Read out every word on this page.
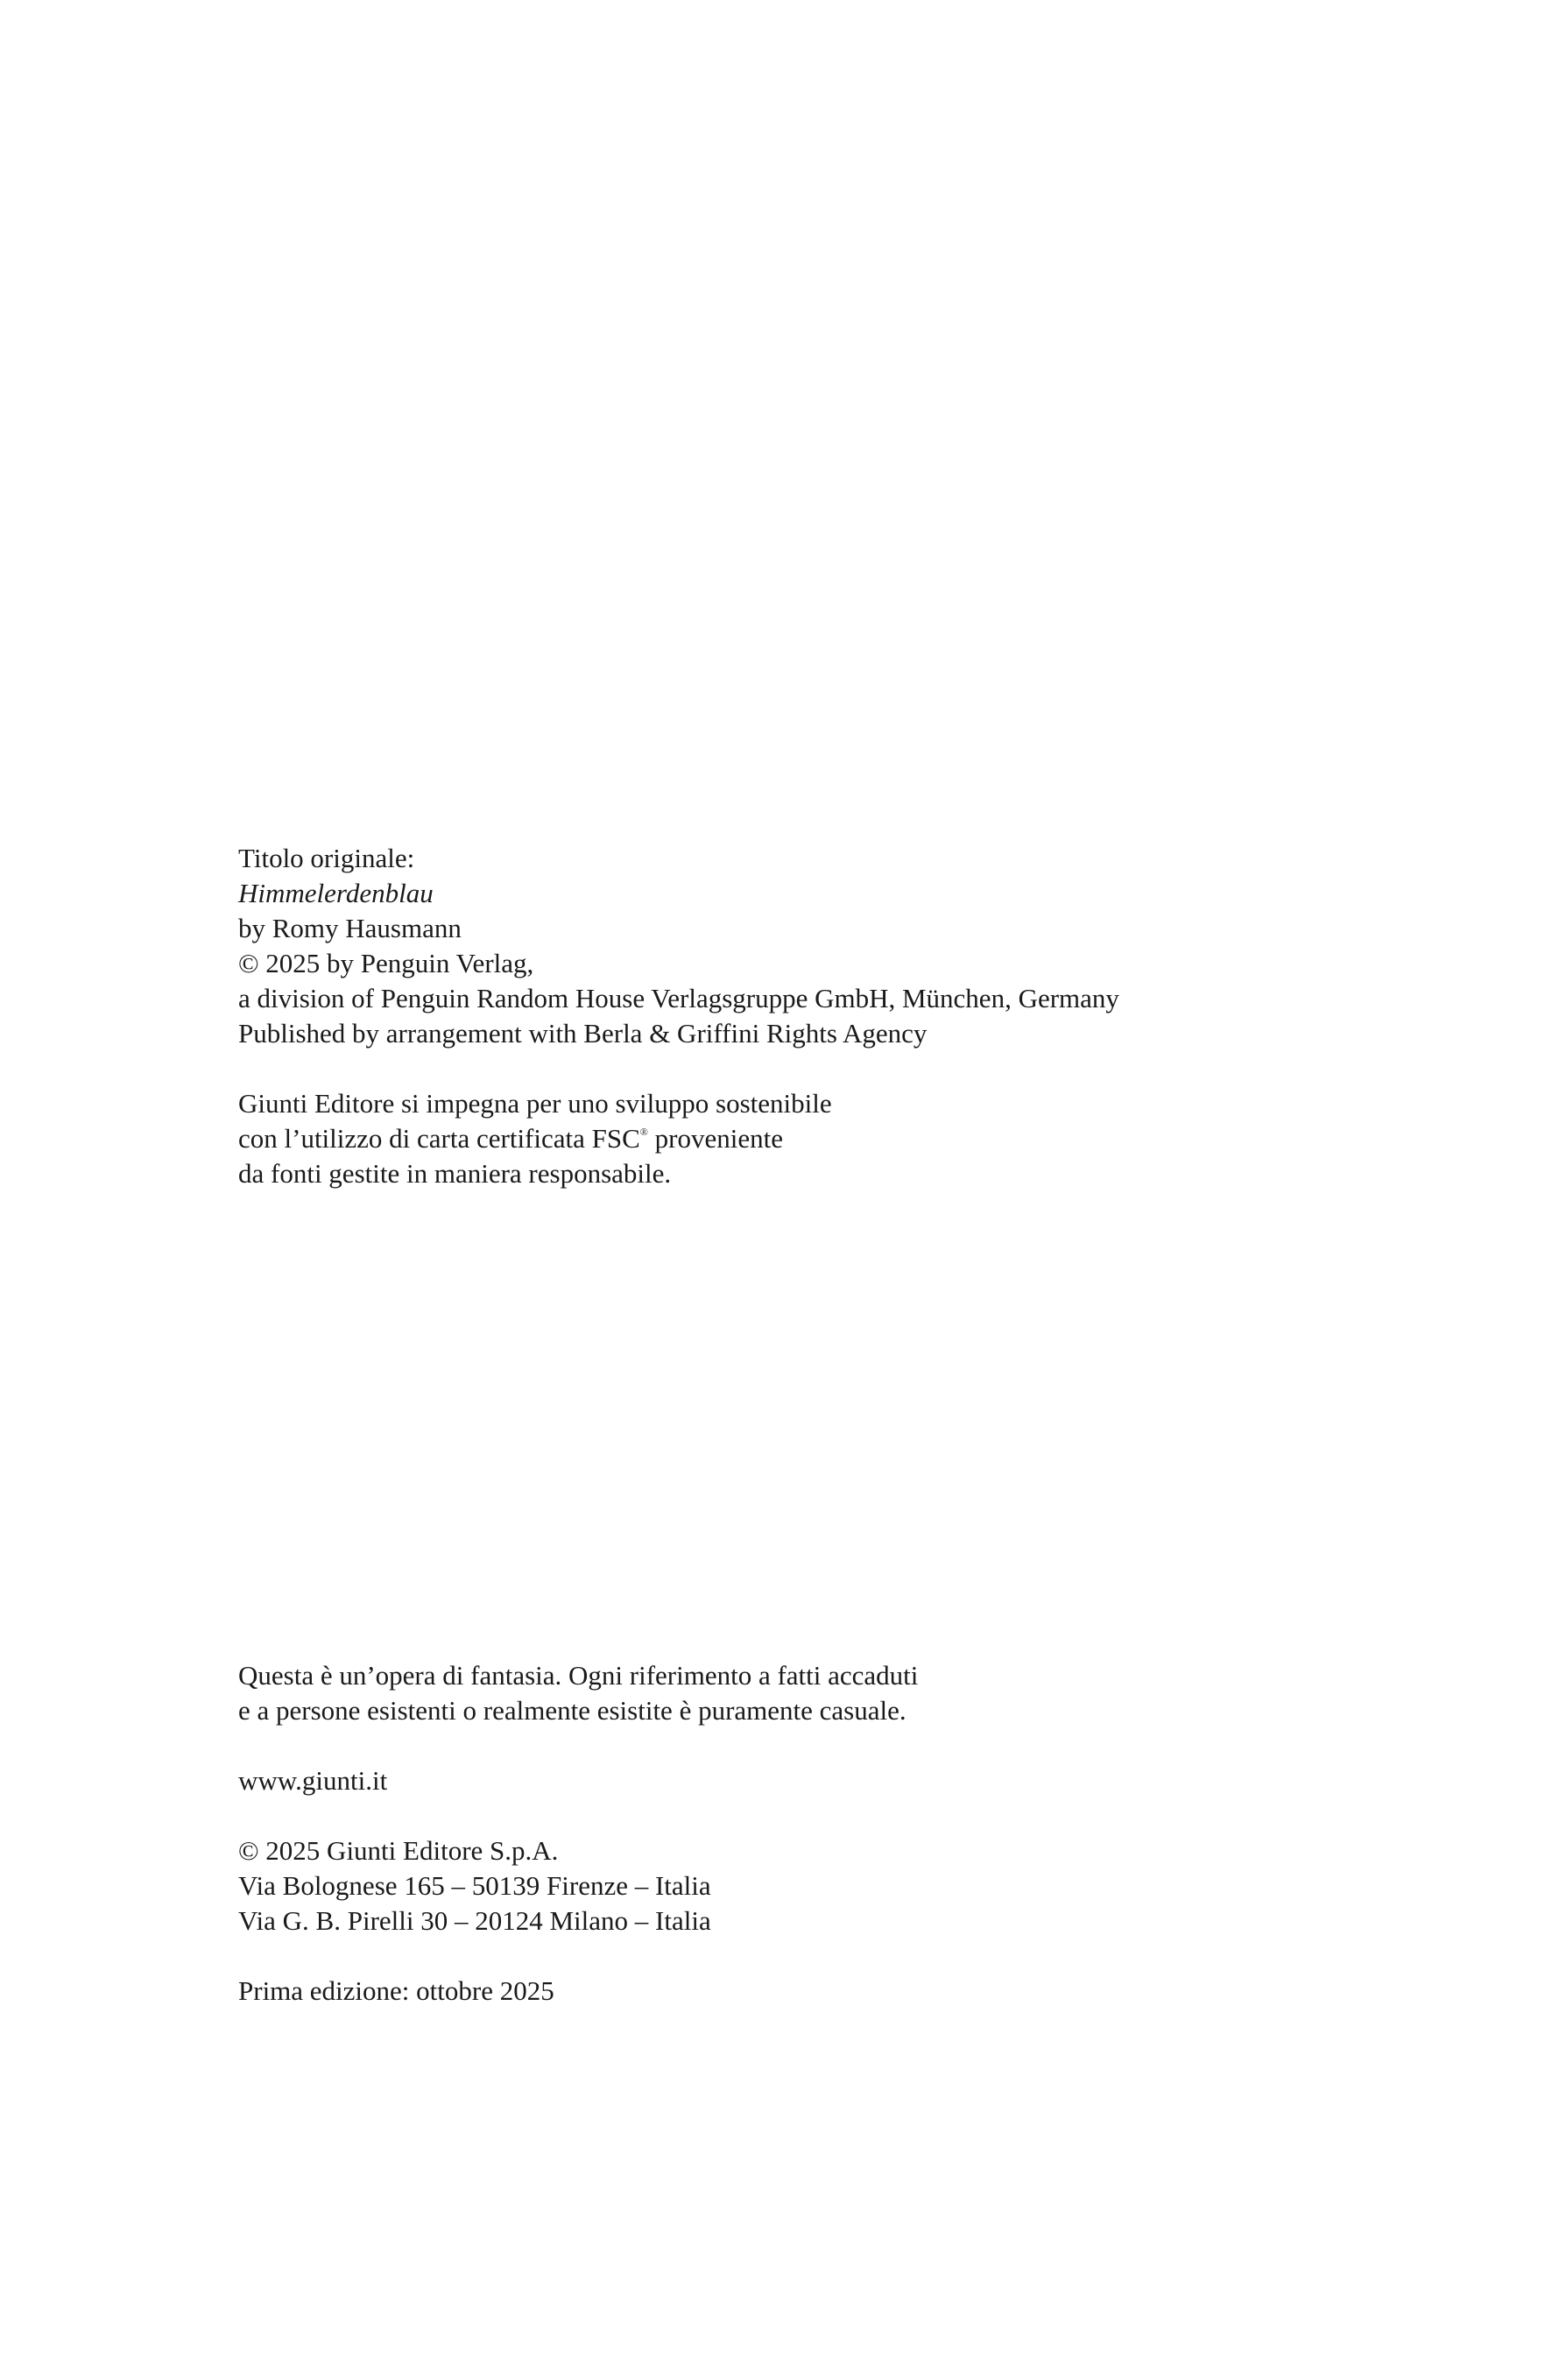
Titolo originale:
Himmelerdenblau
by Romy Hausmann
© 2025 by Penguin Verlag,
a division of Penguin Random House Verlagsgruppe GmbH, München, Germany
Published by arrangement with Berla & Griffini Rights Agency
Giunti Editore si impegna per uno sviluppo sostenibile
con l’utilizzo di carta certificata FSC® proveniente
da fonti gestite in maniera responsabile.
Questa è un’opera di fantasia. Ogni riferimento a fatti accaduti
e a persone esistenti o realmente esistite è puramente casuale.
www.giunti.it
© 2025 Giunti Editore S.p.A.
Via Bolognese 165 – 50139 Firenze – Italia
Via G. B. Pirelli 30 – 20124 Milano – Italia
Prima edizione: ottobre 2025
